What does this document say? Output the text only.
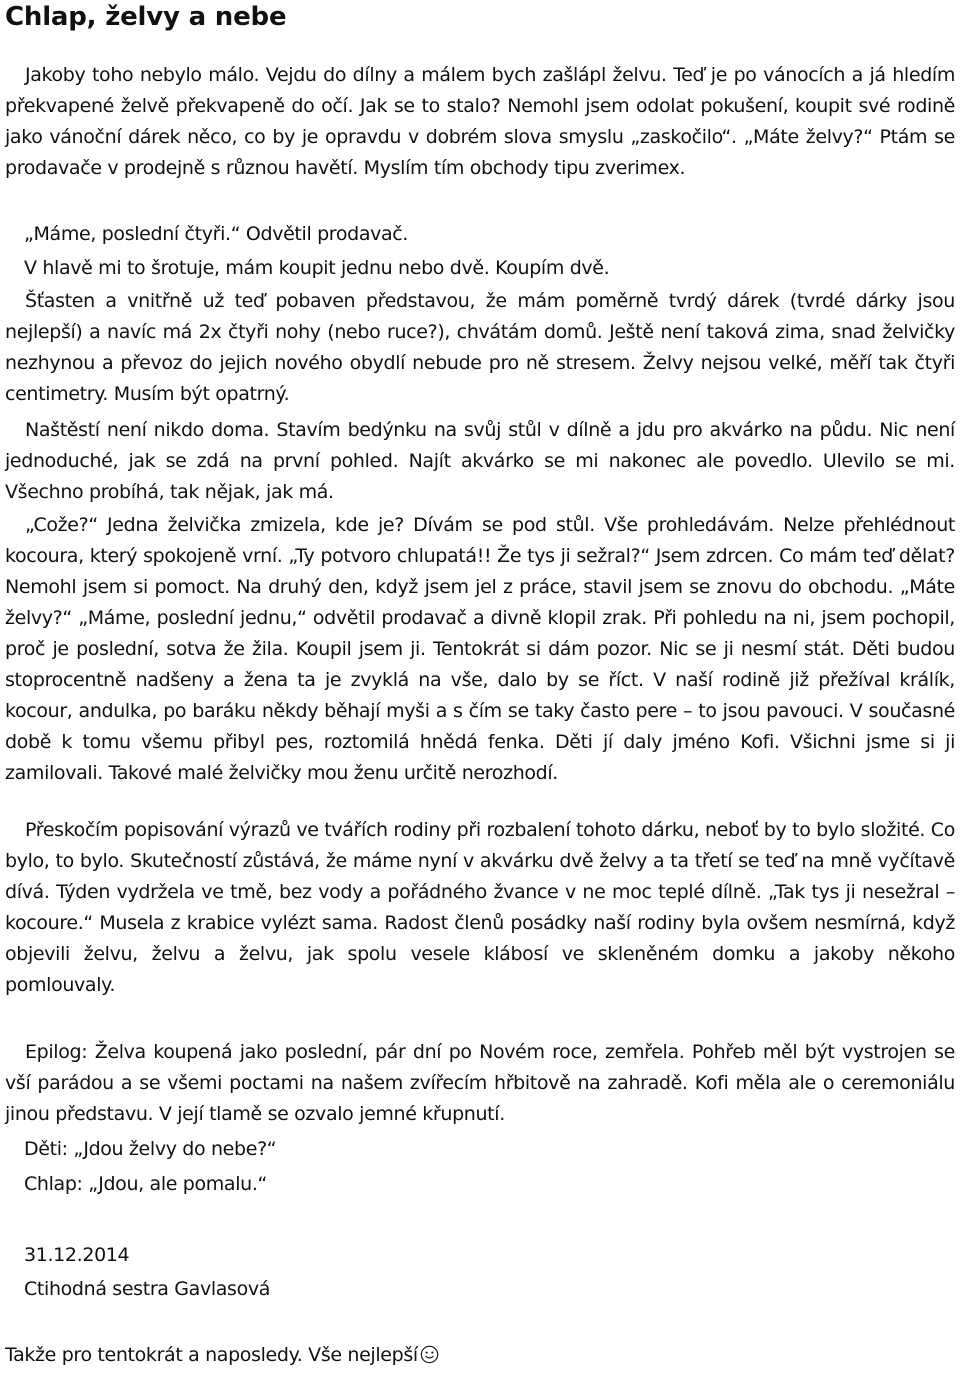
Chlap, želvy a nebe

Jakoby toho nebylo málo. Vejdu do dílny a málem bych zašlápl želvu. Teď je po vánocích a já hledím překvapené želvě překvapeně do očí. Jak se to stalo? Nemohl jsem odolat pokušení, koupit své rodině jako vánoční dárek něco, co by je opravdu v dobrém slova smyslu „zaskočilo“. „Máte želvy?“ Ptám se prodavače v prodejně s různou havětí. Myslím tím obchody tipu zverimex.

„Máme, poslední čtyři.“ Odvětil prodavač.

V hlavě mi to šrotuje, mám koupit jednu nebo dvě. Koupím dvě.

Šťasten a vnitřně už teď pobaven představou, že mám poměrně tvrdý dárek (tvrdé dárky jsou nejlepší) a navíc má 2x čtyři nohy (nebo ruce?), chvátám domů. Ještě není taková zima, snad želvičky nezhynou a převoz do jejich nového obydlí nebude pro ně stresem. Želvy nejsou velké, měří tak čtyři centimetry. Musím být opatrný.

Naštěstí není nikdo doma. Stavím bedýnku na svůj stůl v dílně a jdu pro akvárko na půdu. Nic není jednoduché, jak se zdá na první pohled. Najít akvárko se mi nakonec ale povedlo. Ulevilo se mi. Všechno probíhá, tak nějak, jak má.

„Cože?“ Jedna želvička zmizela, kde je? Dívám se pod stůl. Vše prohledávám. Nelze přehlédnout kocoura, který spokojeně vrní. „Ty potvoro chlupatá!! Že tys ji sežral?“ Jsem zdrcen. Co mám teď dělat? Nemohl jsem si pomoct. Na druhý den, když jsem jel z práce, stavil jsem se znovu do obchodu. „Máte želvy?“ „Máme, poslední jednu,“ odvětil prodavač a divně klopil zrak. Při pohledu na ni, jsem pochopil, proč je poslední, sotva že žila. Koupil jsem ji. Tentokrát si dám pozor. Nic se ji nesmí stát. Děti budou stoprocentně nadšeny a žena ta je zvyklá na vše, dalo by se říct. V naší rodině již přežíval králík, kocour, andulka, po baráku někdy běhají myši a s čím se taky často pere – to jsou pavouci. V současné době k tomu všemu přibyl pes, roztomilá hnědá fenka. Děti jí daly jméno Kofi. Všichni jsme si ji zamilovali. Takové malé želvičky mou ženu určitě nerozhodí.

Přeskočím popisování výrazů ve tvářích rodiny při rozbalení tohoto dárku, neboť by to bylo složité. Co bylo, to bylo. Skutečností zůstává, že máme nyní v akvárku dvě želvy a ta třetí se teď na mně vyčítavě dívá. Týden vydržela ve tmě, bez vody a pořádného žvance v ne moc teplé dílně. „Tak tys ji nesežral – kocoure.“ Musela z krabice vylézt sama. Radost členů posádky naší rodiny byla ovšem nesmírná, když objevili želvu, želvu a želvu, jak spolu vesele klábosí ve skleněném domku a jakoby někoho pomlouvaly.

Epilog: Želva koupená jako poslední, pár dní po Novém roce, zemřela. Pohřeb měl být vystrojen se vší parádou a se všemi poctami na našem zvířecím hřbitově na zahradě. Kofi měla ale o ceremoniálu jinou představu. V její tlamě se ozvalo jemné křupnutí.

Děti: „Jdou želvy do nebe?“

Chlap: „Jdou, ale pomalu.“

31.12.2014

Ctihodná sestra Gavlasová

Takže pro tentokrát a naposledy. Vše nejlepší
